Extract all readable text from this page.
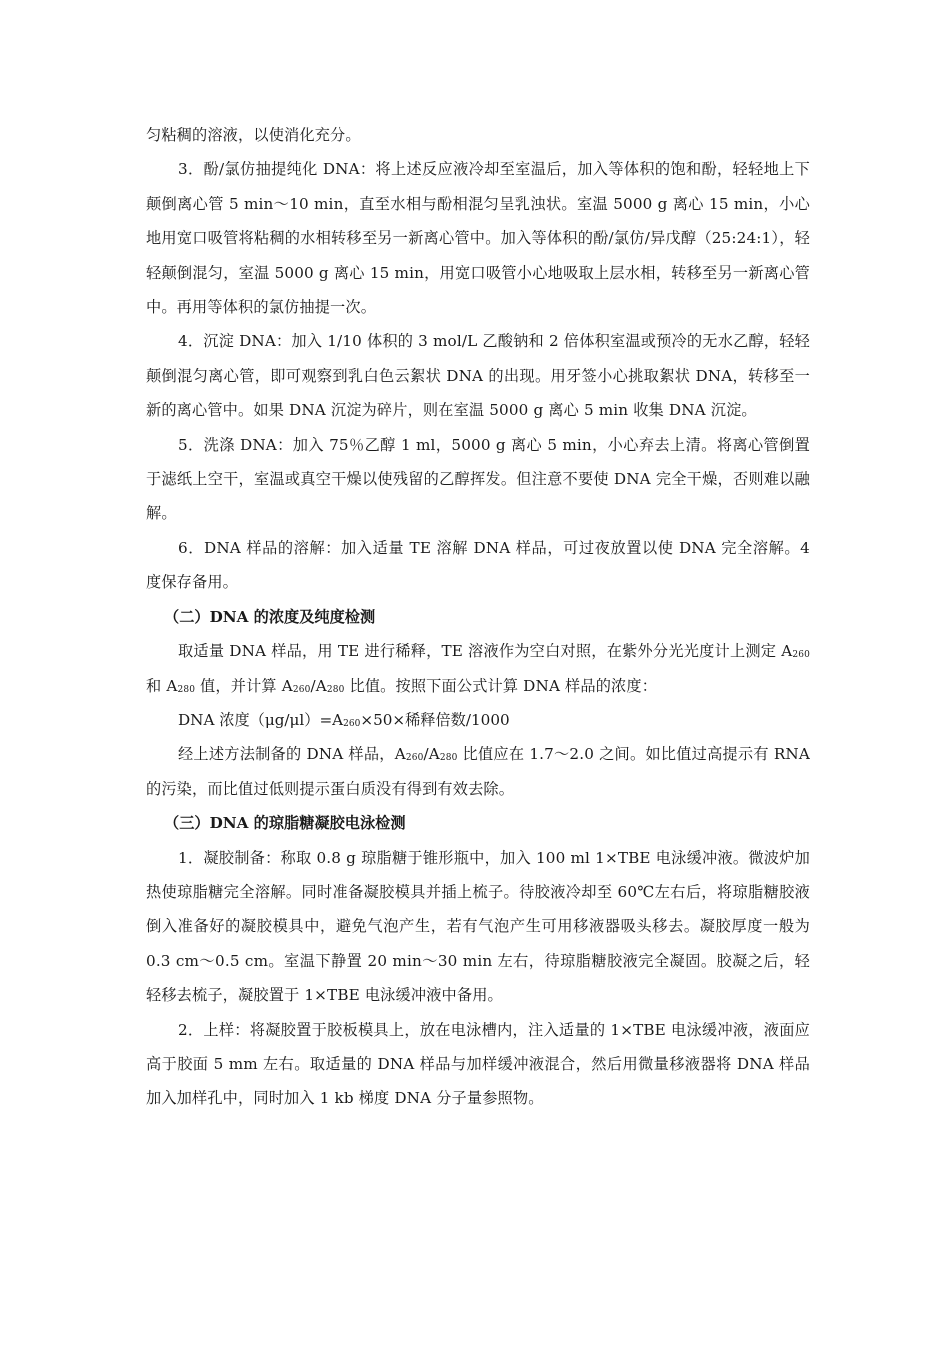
匀粘稠的溶液，以使消化充分。

3．酚/氯仿抽提纯化 DNA：将上述反应液冷却至室温后，加入等体积的饱和酚，轻轻地上下颠倒离心管 5 min～10 min，直至水相与酚相混匀呈乳浊状。室温 5000 g 离心 15 min，小心地用宽口吸管将粘稠的水相转移至另一新离心管中。加入等体积的酚/氯仿/异戊醇（25:24:1），轻轻颠倒混匀，室温 5000 g 离心 15 min，用宽口吸管小心地吸取上层水相，转移至另一新离心管中。再用等体积的氯仿抽提一次。

4．沉淀 DNA：加入 1/10 体积的 3 mol/L 乙酸钠和 2 倍体积室温或预冷的无水乙醇，轻轻颠倒混匀离心管，即可观察到乳白色云絮状 DNA 的出现。用牙签小心挑取絮状 DNA，转移至一新的离心管中。如果 DNA 沉淀为碎片，则在室温 5000 g 离心 5 min 收集 DNA 沉淀。

5．洗涤 DNA：加入 75％乙醇 1 ml，5000 g 离心 5 min，小心弃去上清。将离心管倒置于滤纸上空干，室温或真空干燥以使残留的乙醇挥发。但注意不要使 DNA 完全干燥，否则难以融解。

6．DNA 样品的溶解：加入适量 TE 溶解 DNA 样品，可过夜放置以使 DNA 完全溶解。4 度保存备用。

（二）DNA 的浓度及纯度检测

取适量 DNA 样品，用 TE 进行稀释，TE 溶液作为空白对照，在紫外分光光度计上测定 $A_{260}$ 和 $A_{280}$ 值，并计算 $A_{260}/A_{280}$ 比值。按照下面公式计算 DNA 样品的浓度：

DNA 浓度$(\mu g/\mu l)=A_{260}\times 50\times$稀释倍数/1000

经上述方法制备的 DNA 样品，$A_{260}/A_{280}$ 比值应在 1.7～2.0 之间。如比值过高提示有 RNA 的污染，而比值过低则提示蛋白质没有得到有效去除。

（三）DNA 的琼脂糖凝胶电泳检测

1．凝胶制备：称取 0.8 g 琼脂糖于锥形瓶中，加入 100 ml 1×TBE 电泳缓冲液。微波炉加热使琼脂糖完全溶解。同时准备凝胶模具并插上梳子。待胶液冷却至 60℃左右后，将琼脂糖胶液倒入准备好的凝胶模具中，避免气泡产生，若有气泡产生可用移液器吸头移去。凝胶厚度一般为 0.3 cm～0.5 cm。室温下静置 20 min～30 min 左右，待琼脂糖胶液完全凝固。胶凝之后，轻轻移去梳子，凝胶置于 1×TBE 电泳缓冲液中备用。

2．上样：将凝胶置于胶板模具上，放在电泳槽内，注入适量的 1×TBE 电泳缓冲液，液面应高于胶面 5 mm 左右。取适量的 DNA 样品与加样缓冲液混合，然后用微量移液器将 DNA 样品加入加样孔中，同时加入 1 kb 梯度 DNA 分子量参照物。
